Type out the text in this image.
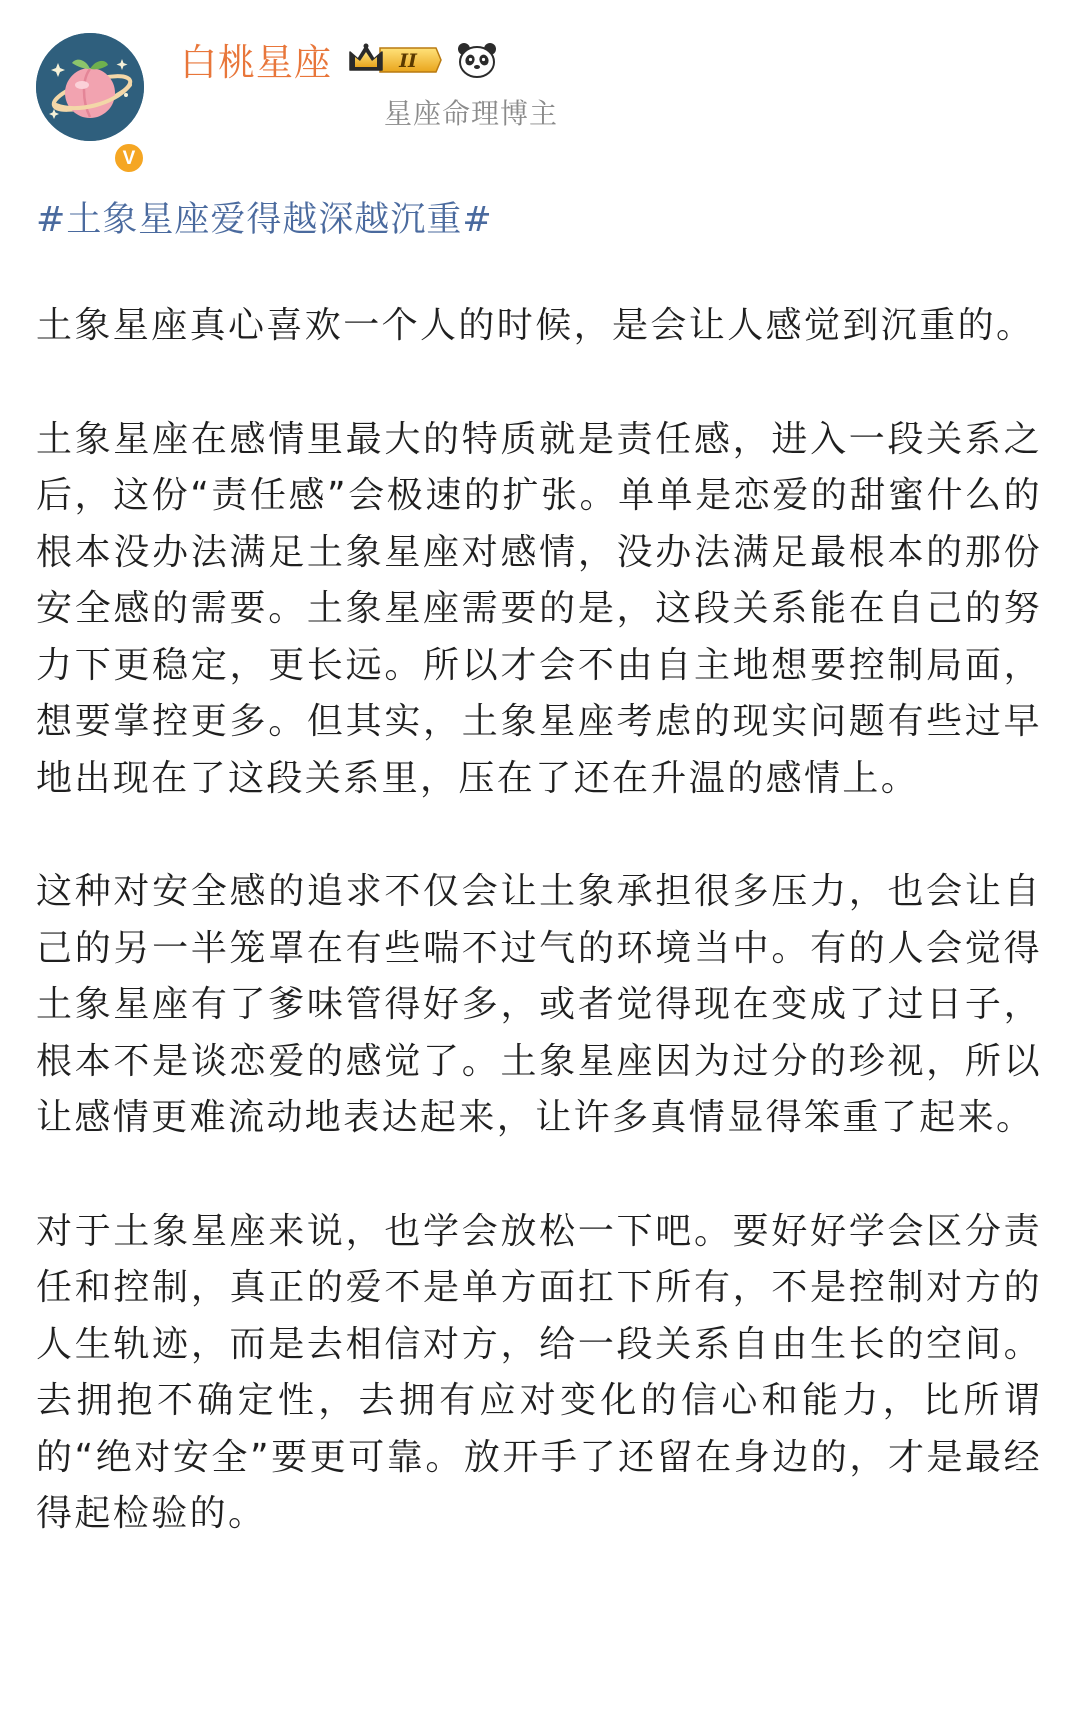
V
白桃星座	II
星座命理博主
#土象星座爱得越深越沉重#

土象星座真心喜欢一个人的时候，是会让人感觉到沉重的。

土象星座在感情里最大的特质就是责任感，进入一段关系之后，这份“责任感”会极速的扩张。单单是恋爱的甜蜜什么的根本没办法满足土象星座对感情，没办法满足最根本的那份安全感的需要。土象星座需要的是，这段关系能在自己的努力下更稳定，更长远。所以才会不由自主地想要控制局面，想要掌控更多。但其实，土象星座考虑的现实问题有些过早地出现在了这段关系里，压在了还在升温的感情上。

这种对安全感的追求不仅会让土象承担很多压力，也会让自己的另一半笼罩在有些喘不过气的环境当中。有的人会觉得土象星座有了爹味管得好多，或者觉得现在变成了过日子，根本不是谈恋爱的感觉了。土象星座因为过分的珍视，所以让感情更难流动地表达起来，让许多真情显得笨重了起来。

对于土象星座来说，也学会放松一下吧。要好好学会区分责任和控制，真正的爱不是单方面扛下所有，不是控制对方的人生轨迹，而是去相信对方，给一段关系自由生长的空间。去拥抱不确定性，去拥有应对变化的信心和能力，比所谓的“绝对安全”要更可靠。放开手了还留在身边的，才是最经得起检验的。
